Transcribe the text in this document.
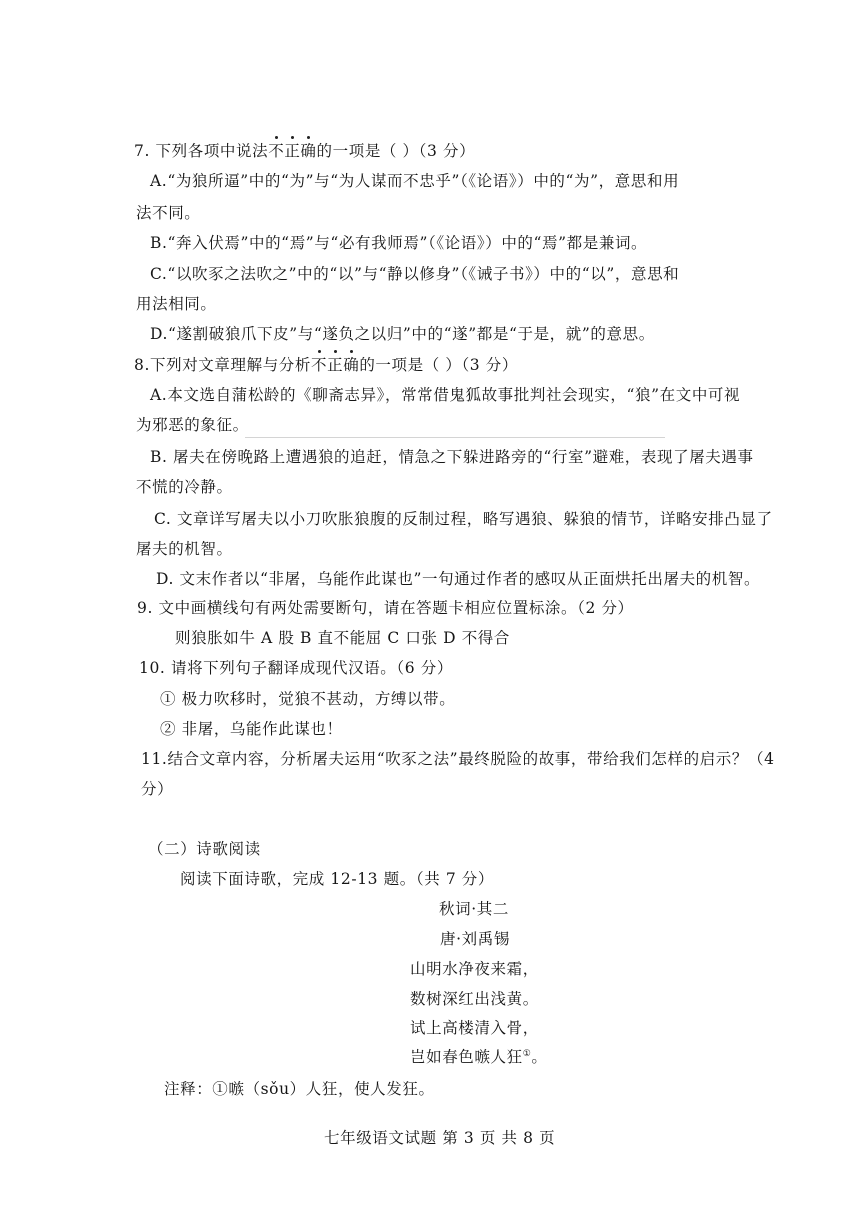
7. 下列各项中说法不正确
的一项是（ ）（3 分）
A.“为狼所逼”中的“为”与“为人谋而不忠乎”（《论语》）中的“为”，意思和用
法不同。
B.“奔入伏焉”中的“焉”与“必有我师焉”（《论语》）中的“焉”都是兼词。
C.“以吹豕之法吹之”中的“以”与“静以修身”（《诫子书》）中的“以”，意思和
用法相同。
D.“遂割破狼爪下皮”与“遂负之以归”中的“遂”都是“于是，就”的意思。
8.下列对文章理解与分析不正确
的一项是（ ）（3 分）
A.本文选自蒲松龄的《聊斋志异》，常常借鬼狐故事批判社会现实，“狼”在文中可视
为邪恶的象征。
B. 屠夫在傍晚路上遭遇狼的追赶，情急之下躲进路旁的“行室”避难，表现了屠夫遇事
不慌的冷静。
C. 文章详写屠夫以小刀吹胀狼腹的反制过程，略写遇狼、躲狼的情节，详略安排凸显了
屠夫的机智。
D. 文末作者以“非屠，乌能作此谋也”一句通过作者的感叹从正面烘托出屠夫的机智。
9. 文中画横线句有两处需要断句，请在答题卡相应位置标涂。（2 分）
则狼胀如牛 A 股 B 直不能屈 C 口张 D 不得合
10. 请将下列句子翻译成现代汉语。（6 分）
① 极力吹移时，觉狼不甚动，方缚以带。
② 非屠，乌能作此谋也！
11.结合文章内容，分析屠夫运用“吹豕之法”最终脱险的故事，带给我们怎样的启示？（4
分）
（二）诗歌阅读
阅读下面诗歌，完成 12-13 题。（共 7 分）
秋词·其二
唐·刘禹锡
山明水净夜来霜，
数树深红出浅黄。
试上高楼清入骨，
岂如春色嗾人狂①。
注释：①嗾（sǒu）人狂，使人发狂。
七年级语文试题 第 3 页 共 8 页
